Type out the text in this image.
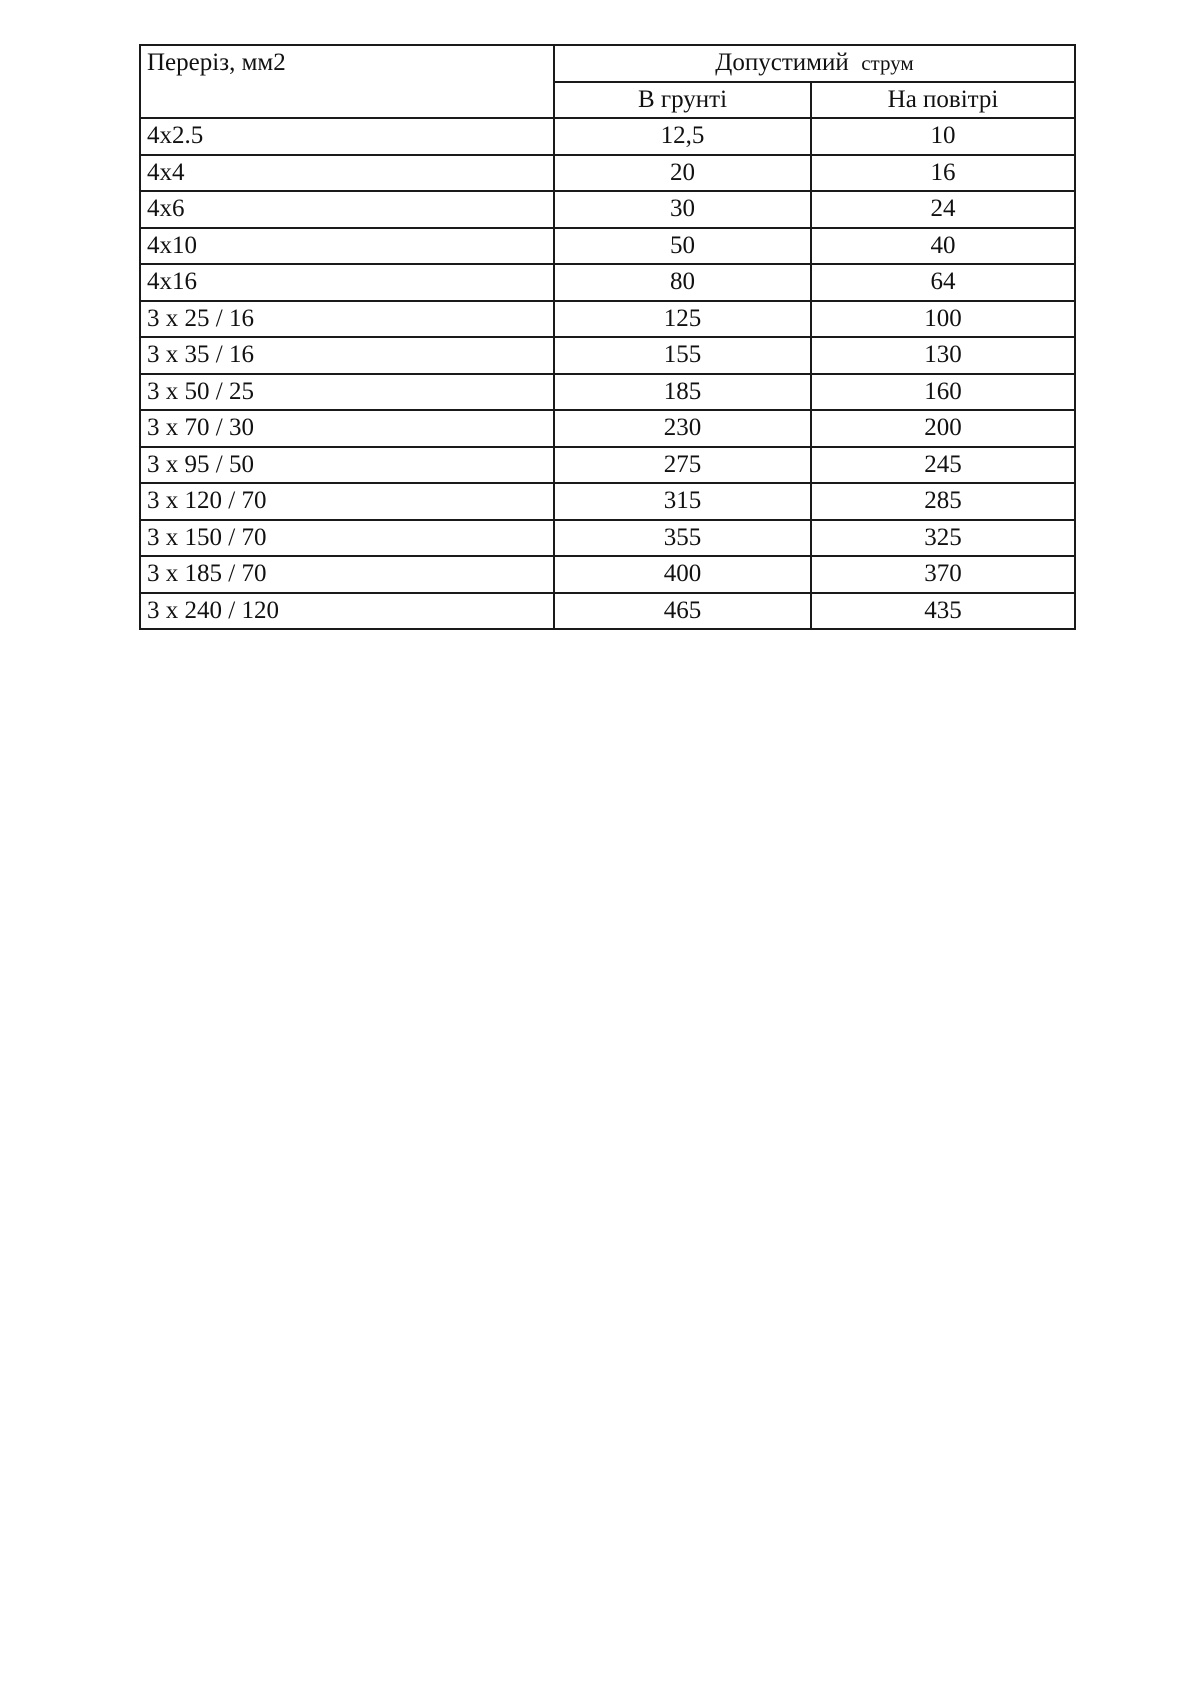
Переріз, мм2	Допустимий струм	
	В грунті	На повітрі
4х2.5	12,5	10
4х4	20	16
4х6	30	24
4х10	50	40
4х16	80	64
3 х 25 / 16	125	100
3 х 35 / 16	155	130
3 х 50 / 25	185	160
3 х 70 / 30	230	200
3 х 95 / 50	275	245
3 х 120 / 70	315	285
3 х 150 / 70	355	325
3 х 185 / 70	400	370
3 х 240 / 120	465	435
